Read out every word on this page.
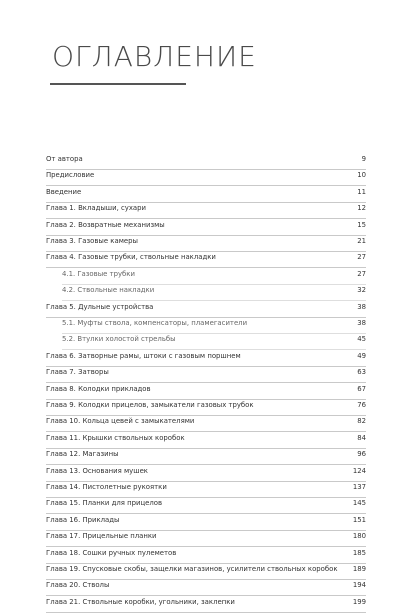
ОГЛАВЛЕНИЕ
От автора	9
Предисловие	10
Введение	11
Глава 1. Вкладыши, сухари	12
Глава 2. Возвратные механизмы	15
Глава 3. Газовые камеры	21
Глава 4. Газовые трубки, ствольные накладки	27
4.1. Газовые трубки	27
4.2. Ствольные накладки	32
Глава 5. Дульные устройства	38
5.1. Муфты ствола, компенсаторы, пламегасители	38
5.2. Втулки холостой стрельбы	45
Глава 6. Затворные рамы, штоки с газовым поршнем	49
Глава 7. Затворы	63
Глава 8. Колодки прикладов	67
Глава 9. Колодки прицелов, замыкатели газовых трубок	76
Глава 10. Кольца цевей с замыкателями	82
Глава 11. Крышки ствольных коробок	84
Глава 12. Магазины	96
Глава 13. Основания мушек	124
Глава 14. Пистолетные рукоятки	137
Глава 15. Планки для прицелов	145
Глава 16. Приклады	151
Глава 17. Прицельные планки	180
Глава 18. Сошки ручных пулеметов	185
Глава 19. Спусковые скобы, защелки магазинов, усилители ствольных коробок 189
Глава 20. Стволы	194
Глава 21. Ствольные коробки, угольники, заклепки	199
